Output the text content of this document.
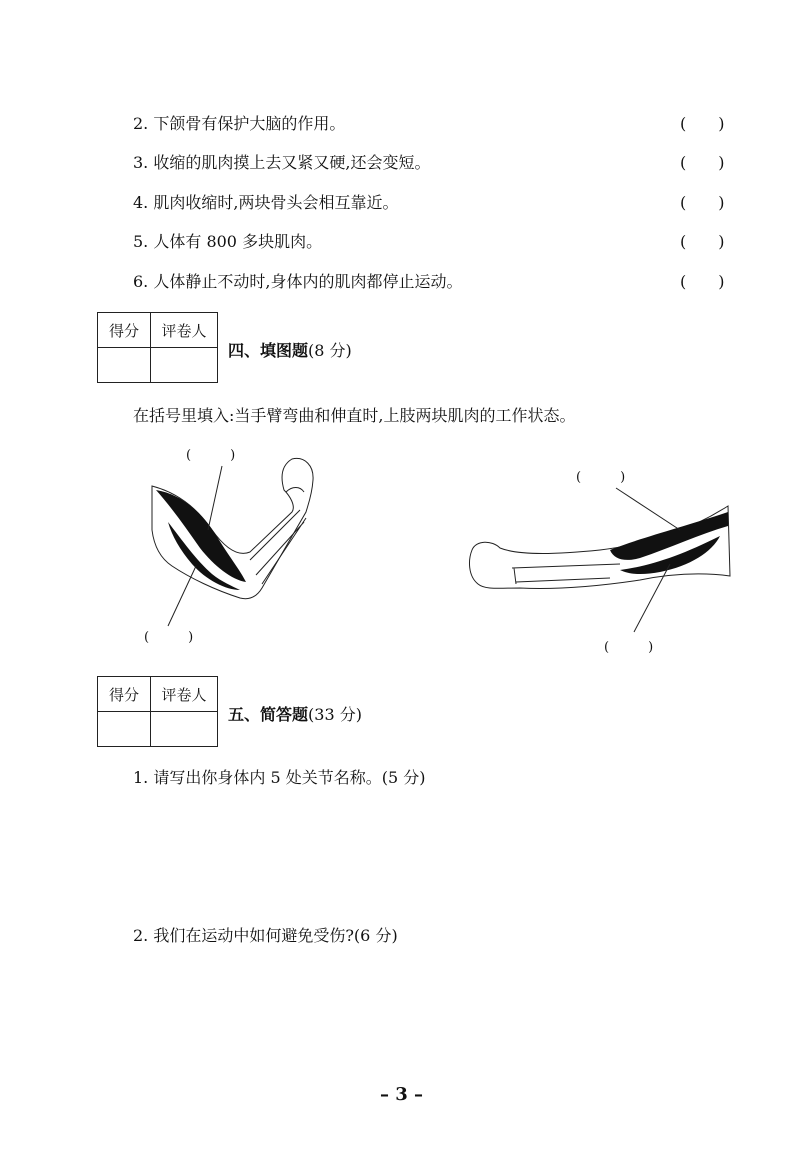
2. 下颌骨有保护大脑的作用。	(　　)
3. 收缩的肌肉摸上去又紧又硬,还会变短。	(　　)
4. 肌肉收缩时,两块骨头会相互靠近。	(　　)
5. 人体有 800 多块肌肉。	(　　)
6. 人体静止不动时,身体内的肌肉都停止运动。	(　　)
得分	评卷人

四、填图题(8 分)
在括号里填入:当手臂弯曲和伸直时,上肢两块肌肉的工作状态。
(　　　)
(　　　)
(　　　)
(　　　)
得分	评卷人

五、简答题(33 分)
1. 请写出你身体内 5 处关节名称。(5 分)
2. 我们在运动中如何避免受伤?(6 分)
– 3 –
